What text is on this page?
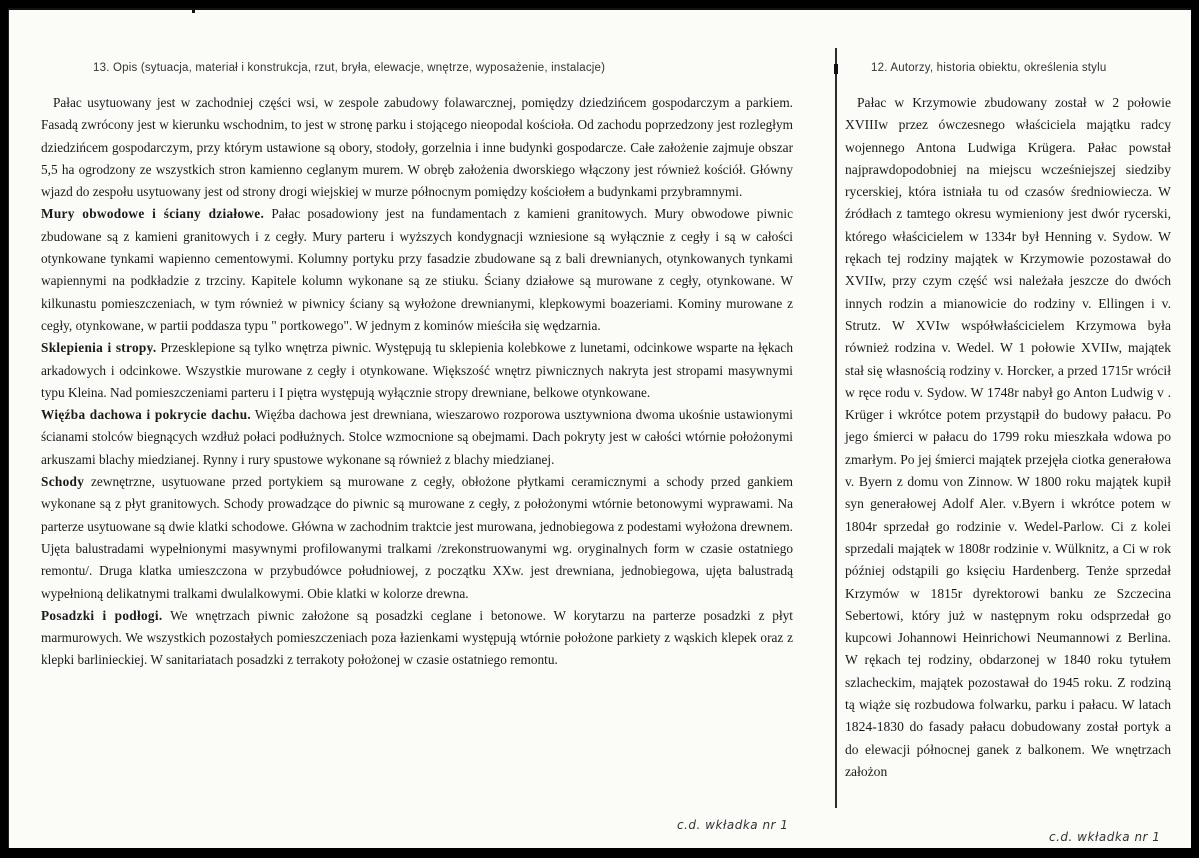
13. Opis (sytuacja, materiał i konstrukcja, rzut, bryła, elewacje, wnętrze, wyposażenie, instalacje)

Pałac usytuowany jest w zachodniej części wsi, w zespole zabudowy folawarcznej, pomiędzy dziedzińcem gospodarczym a parkiem. Fasadą zwrócony jest w kierunku wschodnim, to jest w stronę parku i stojącego nieopodal kościoła. Od zachodu poprzedzony jest rozległym dziedzińcem gospodarczym, przy którym ustawione są obory, stodoły, gorzelnia i inne budynki gospodarcze. Całe założenie zajmuje obszar 5,5 ha ogrodzony ze wszystkich stron kamienno ceglanym murem. W obręb założenia dworskiego włączony jest również kościół. Główny wjazd do zespołu usytuowany jest od strony drogi wiejskiej w murze północnym pomiędzy kościołem a budynkami przybramnymi.

Mury obwodowe i ściany działowe. Pałac posadowiony jest na fundamentach z kamieni granitowych. Mury obwodowe piwnic zbudowane są z kamieni granitowych i z cegły. Mury parteru i wyższych kondygnacji wzniesione są wyłącznie z cegły i są w całości otynkowane tynkami wapienno cementowymi. Kolumny portyku przy fasadzie zbudowane są z bali drewnianych, otynkowanych tynkami wapiennymi na podkładzie z trzciny. Kapitele kolumn wykonane są ze stiuku. Ściany działowe są murowane z cegły, otynkowane. W kilkunastu pomieszczeniach, w tym również w piwnicy ściany są wyłożone drewnianymi, klepkowymi boazeriami. Kominy murowane z cegły, otynkowane, w partii poddasza typu " portkowego". W jednym z kominów mieściła się wędzarnia.

Sklepienia i stropy. Przesklepione są tylko wnętrza piwnic. Występują tu sklepienia kolebkowe z lunetami, odcinkowe wsparte na łękach arkadowych i odcinkowe. Wszystkie murowane z cegły i otynkowane. Większość wnętrz piwnicznych nakryta jest stropami masywnymi typu Kleina. Nad pomieszczeniami parteru i I piętra występują wyłącznie stropy drewniane, belkowe otynkowane.

Więźba dachowa i pokrycie dachu. Więźba dachowa jest drewniana, wieszarowo rozporowa usztywniona dwoma ukośnie ustawionymi ścianami stolców biegnących wzdłuż połaci podłużnych. Stolce wzmocnione są obejmami. Dach pokryty jest w całości wtórnie położonymi arkuszami blachy miedzianej. Rynny i rury spustowe wykonane są również z blachy miedzianej.

Schody zewnętrzne, usytuowane przed portykiem są murowane z cegły, obłożone płytkami ceramicznymi a schody przed gankiem wykonane są z płyt granitowych. Schody prowadzące do piwnic są murowane z cegły, z położonymi wtórnie betonowymi wyprawami. Na parterze usytuowane są dwie klatki schodowe. Główna w zachodnim traktcie jest murowana, jednobiegowa z podestami wyłożona drewnem. Ujęta balustradami wypełnionymi masywnymi profilowanymi tralkami /zrekonstruowanymi wg. oryginalnych form w czasie ostatniego remontu/. Druga klatka umieszczona w przybudówce południowej, z początku XXw. jest drewniana, jednobiegowa, ujęta balustradą wypełnioną delikatnymi tralkami dwulalkowymi. Obie klatki w kolorze drewna.

Posadzki i podłogi. We wnętrzach piwnic założone są posadzki ceglane i betonowe. W korytarzu na parterze posadzki z płyt marmurowych. We wszystkich pozostałych pomieszczeniach poza łazienkami występują wtórnie położone parkiety z wąskich klepek oraz z klepki barlinieckiej. W sanitariatach posadzki z terrakoty położonej w czasie ostatniego remontu.

12. Autorzy, historia obiektu, określenia stylu

Pałac w Krzymowie zbudowany został w 2 połowie XVIIIw przez ówczesnego właściciela majątku radcy wojennego Antona Ludwiga Krügera. Pałac powstał najprawdopodobniej na miejscu wcześniejszej siedziby rycerskiej, która istniała tu od czasów średniowiecza. W źródłach z tamtego okresu wymieniony jest dwór rycerski, którego właścicielem w 1334r był Henning v. Sydow. W rękach tej rodziny majątek w Krzymowie pozostawał do XVIIw, przy czym część wsi należała jeszcze do dwóch innych rodzin a mianowicie do rodziny v. Ellingen i v. Strutz. W XVIw współwłaścicielem Krzymowa była również rodzina v. Wedel. W 1 połowie XVIIw, majątek stał się własnością rodziny v. Horcker, a przed 1715r wrócił w ręce rodu v. Sydow. W 1748r nabył go Anton Ludwig v . Krüger i wkrótce potem przystąpił do budowy pałacu. Po jego śmierci w pałacu do 1799 roku mieszkała wdowa po zmarłym. Po jej śmierci majątek przejęła ciotka generałowa v. Byern z domu von Zinnow. W 1800 roku majątek kupił syn generałowej Adolf Aler. v.Byern i wkrótce potem w 1804r sprzedał go rodzinie v. Wedel-Parlow. Ci z kolei sprzedali majątek w 1808r rodzinie v. Wülknitz, a Ci w rok później odstąpili go księciu Hardenberg. Tenże sprzedał Krzymów w 1815r dyrektorowi banku ze Szczecina Sebertowi, który już w następnym roku odsprzedał go kupcowi Johannowi Heinrichowi Neumannowi z Berlina. W rękach tej rodziny, obdarzonej w 1840 roku tytułem szlacheckim, majątek pozostawał do 1945 roku. Z rodziną tą wiąże się rozbudowa folwarku, parku i pałacu. W latach 1824-1830 do fasady pałacu dobudowany został portyk a do elewacji północnej ganek z balkonem. We wnętrzach założon

c.d. wkładka nr 1
c.d. wkładka nr 1
